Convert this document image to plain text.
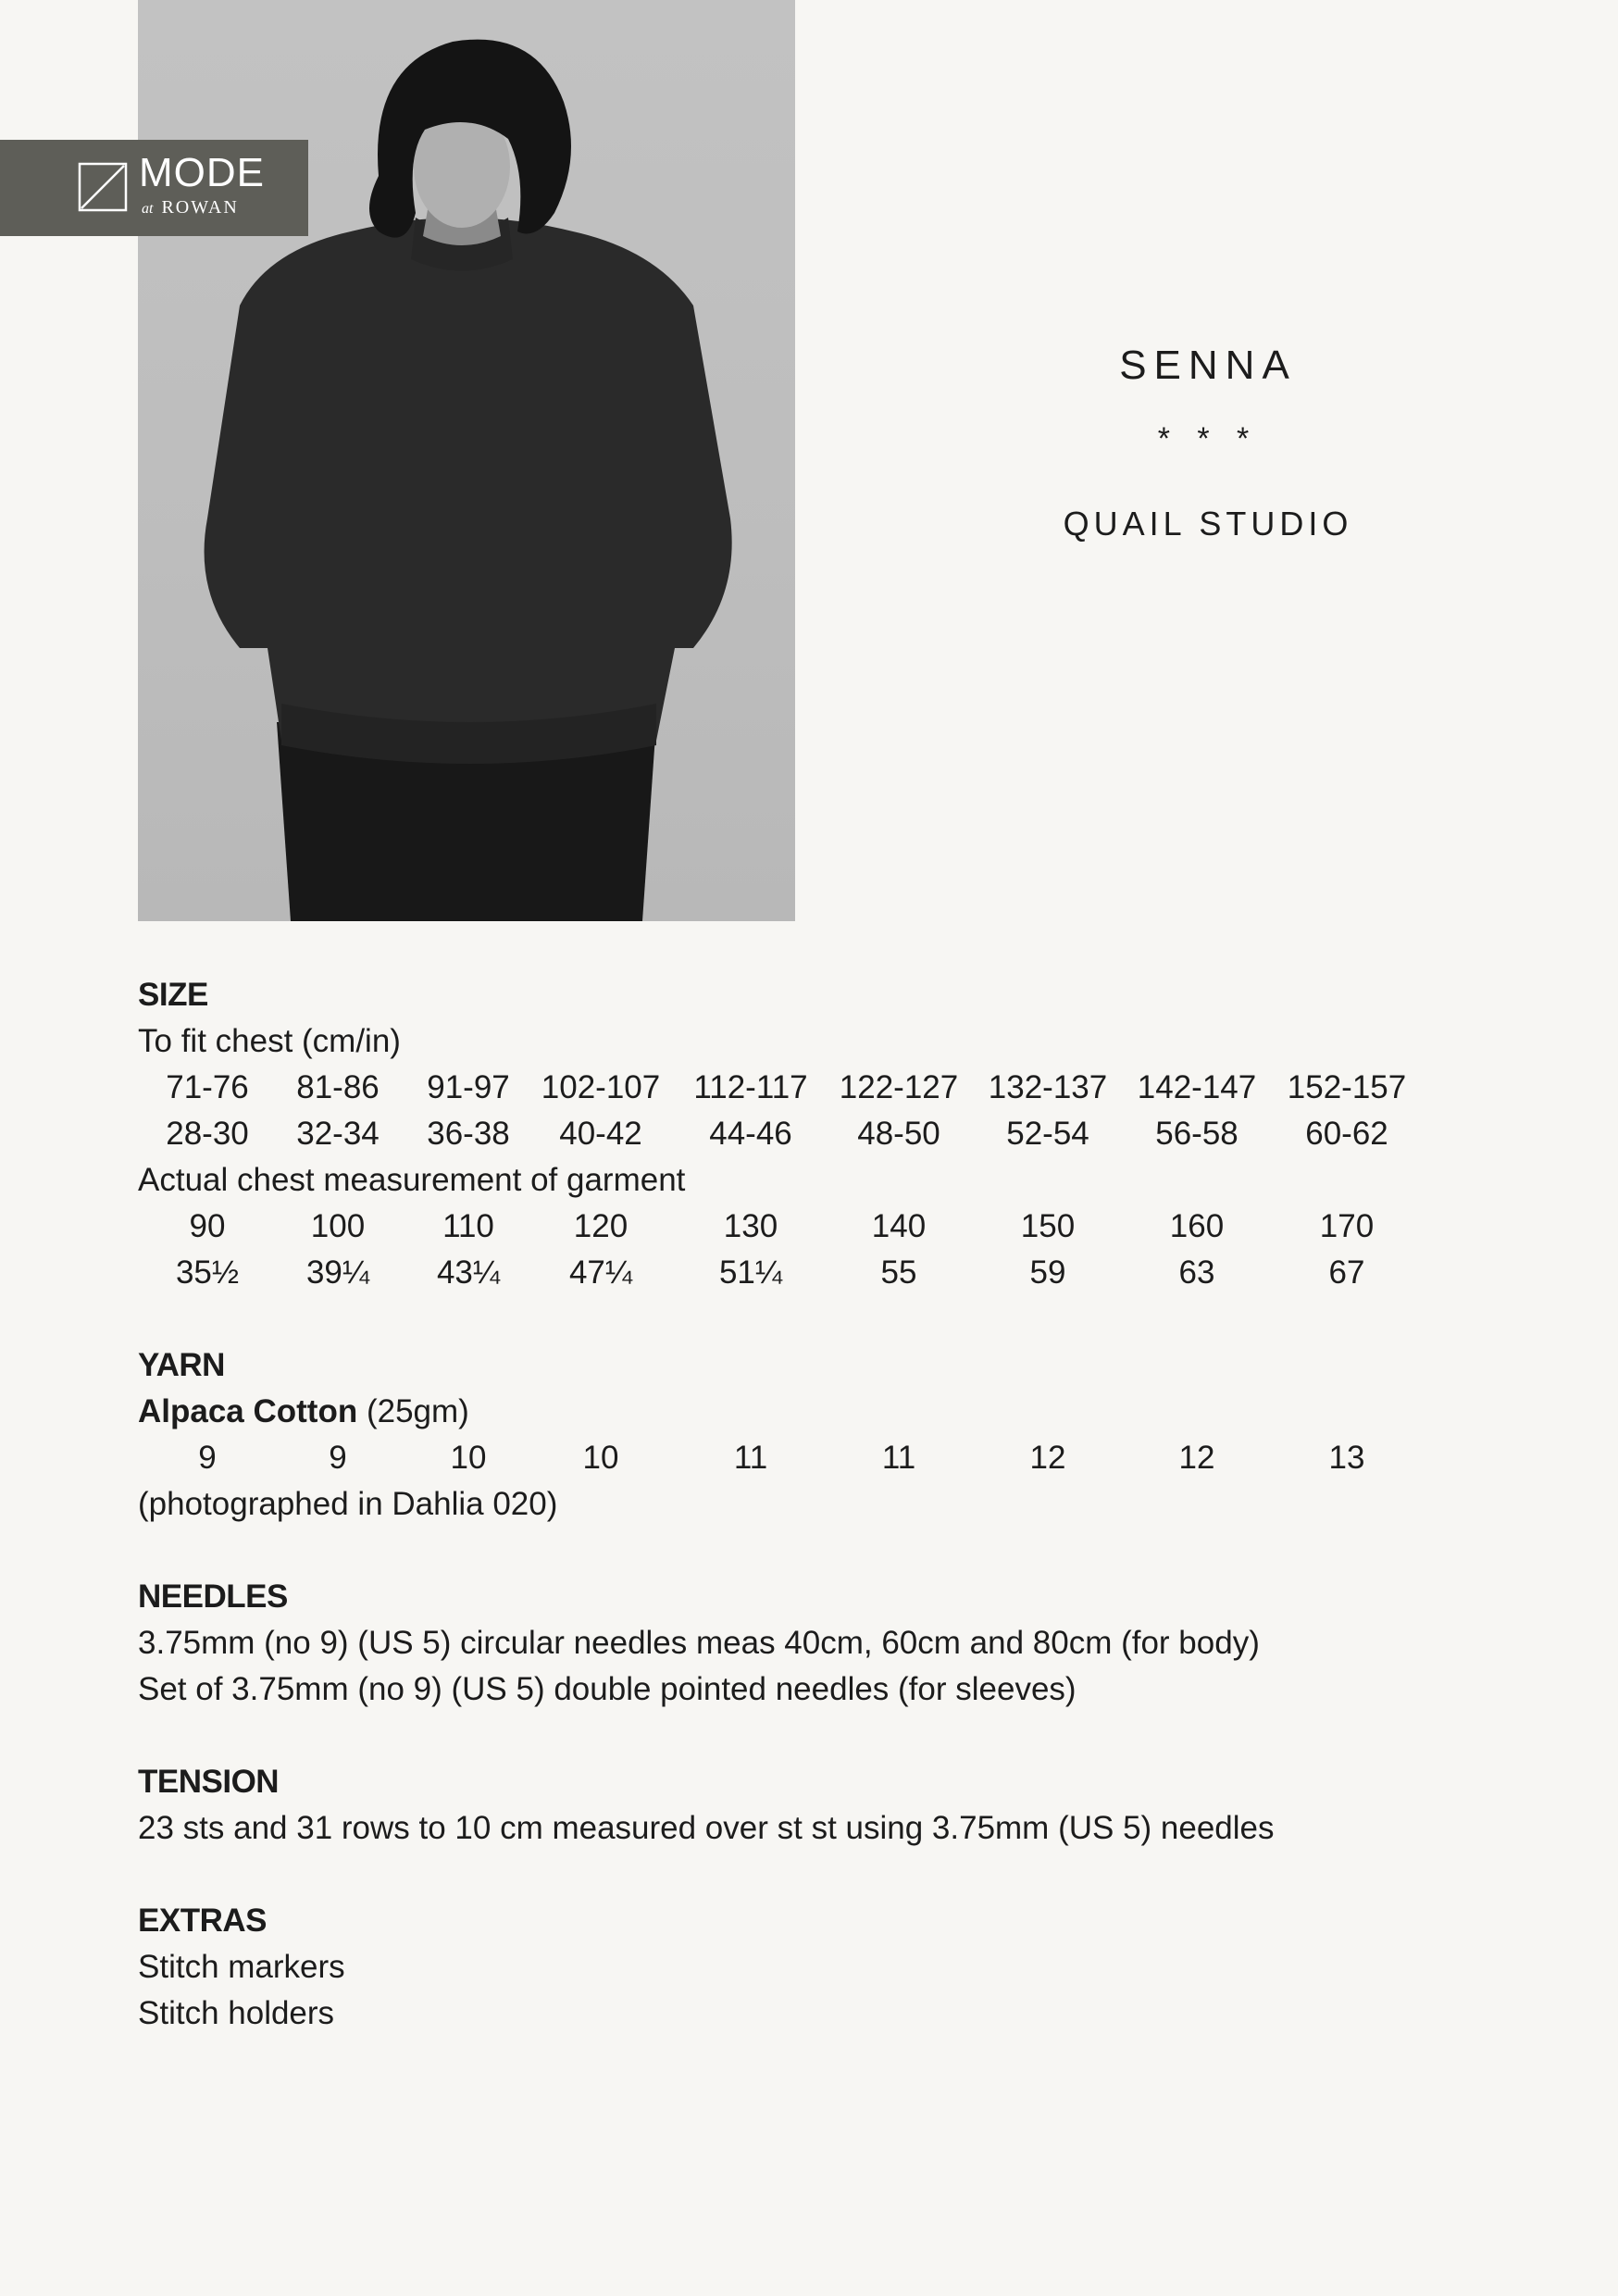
MODE
at ROWAN
SENNA
* * *
QUAIL STUDIO
SIZE
To fit chest (cm/in)
71-76 81-86 91-97 102-107 112-117 122-127 132-137 142-147 152-157
28-30 32-34 36-38 40-42 44-46 48-50 52-54 56-58 60-62
Actual chest measurement of garment
90	100 110 120	130	140	150	160	170
35½ 39¼ 43¼ 47¼	51¼	55	59	63	67
YARN
Alpaca Cotton (25gm)
9	9	10	10	11	11	12	12	13
(photographed in Dahlia 020)
NEEDLES
3.75mm (no 9) (US 5) circular needles meas 40cm, 60cm and 80cm (for body)
Set of 3.75mm (no 9) (US 5) double pointed needles (for sleeves)
TENSION
23 sts and 31 rows to 10 cm measured over st st using 3.75mm (US 5) needles
EXTRAS
Stitch markers
Stitch holders
